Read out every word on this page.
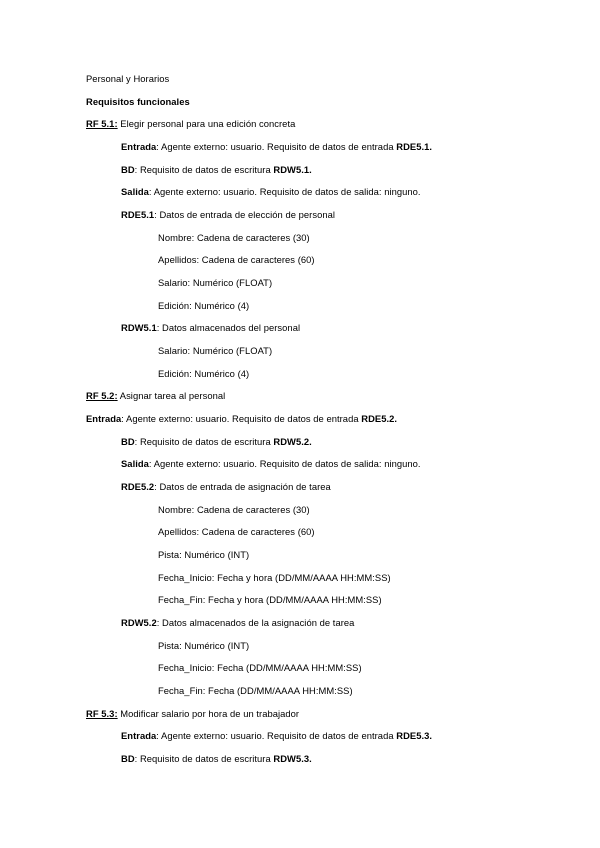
Personal y Horarios
Requisitos funcionales
RF 5.1: Elegir personal para una edición concreta
Entrada: Agente externo: usuario. Requisito de datos de entrada RDE5.1.
BD: Requisito de datos de escritura RDW5.1.
Salida: Agente externo: usuario. Requisito de datos de salida: ninguno.
RDE5.1: Datos de entrada de elección de personal
Nombre: Cadena de caracteres (30)
Apellidos: Cadena de caracteres (60)
Salario: Numérico (FLOAT)
Edición: Numérico (4)
RDW5.1: Datos almacenados del personal
Salario: Numérico (FLOAT)
Edición: Numérico (4)
RF 5.2: Asignar tarea al personal
Entrada: Agente externo: usuario. Requisito de datos de entrada RDE5.2.
BD: Requisito de datos de escritura RDW5.2.
Salida: Agente externo: usuario. Requisito de datos de salida: ninguno.
RDE5.2: Datos de entrada de asignación de tarea
Nombre: Cadena de caracteres (30)
Apellidos: Cadena de caracteres (60)
Pista: Numérico (INT)
Fecha_Inicio: Fecha y hora (DD/MM/AAAA HH:MM:SS)
Fecha_Fin: Fecha y hora (DD/MM/AAAA HH:MM:SS)
RDW5.2: Datos almacenados de la asignación de tarea
Pista: Numérico (INT)
Fecha_Inicio: Fecha (DD/MM/AAAA HH:MM:SS)
Fecha_Fin: Fecha (DD/MM/AAAA HH:MM:SS)
RF 5.3: Modificar salario por hora de un trabajador
Entrada: Agente externo: usuario. Requisito de datos de entrada RDE5.3.
BD: Requisito de datos de escritura RDW5.3.
